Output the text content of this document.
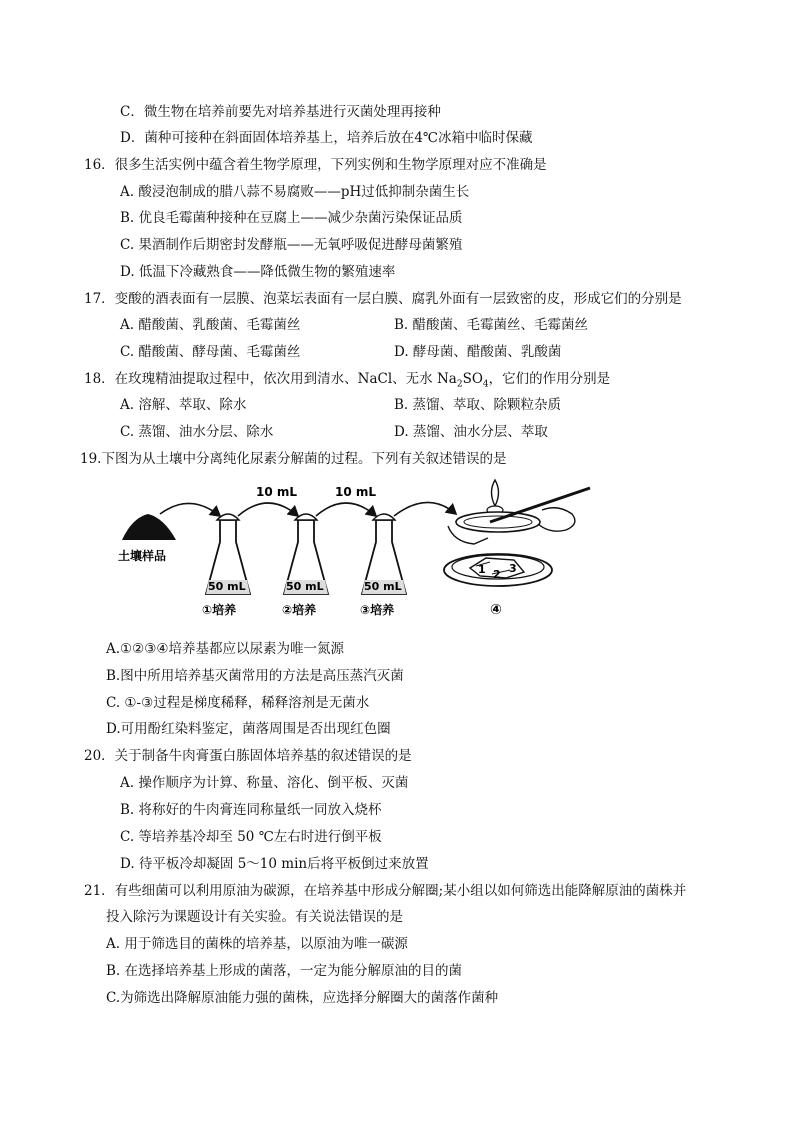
C．微生物在培养前要先对培养基进行灭菌处理再接种
D．菌种可接种在斜面固体培养基上，培养后放在4℃冰箱中临时保藏
16．很多生活实例中蕴含着生物学原理，下列实例和生物学原理对应不准确是
A. 酸浸泡制成的腊八蒜不易腐败——pH过低抑制杂菌生长
B. 优良毛霉菌种接种在豆腐上——减少杂菌污染保证品质
C. 果酒制作后期密封发酵瓶——无氧呼吸促进酵母菌繁殖
D. 低温下冷藏熟食——降低微生物的繁殖速率
17．变酸的酒表面有一层膜、泡菜坛表面有一层白膜、腐乳外面有一层致密的皮，形成它们的分别是
A. 醋酸菌、乳酸菌、毛霉菌丝	B. 醋酸菌、毛霉菌丝、毛霉菌丝
C. 醋酸菌、酵母菌、毛霉菌丝	D. 酵母菌、醋酸菌、乳酸菌
18．在玫瑰精油提取过程中，依次用到清水、NaCl、无水 $Na_2SO_4$，它们的作用分别是
A. 溶解、萃取、除水	B. 蒸馏、萃取、除颗粒杂质
C. 蒸馏、油水分层、除水	D. 蒸馏、油水分层、萃取
19.下图为从土壤中分离纯化尿素分解菌的过程。下列有关叙述错误的是
土壤样品
10 mL	10 mL
50 mL
①培养
50 mL
②培养
50 mL
③培养
1 2 3
④
A.①②③④培养基都应以尿素为唯一氮源
B.图中所用培养基灭菌常用的方法是高压蒸汽灭菌
C. ①-③过程是梯度稀释，稀释溶剂是无菌水
D.可用酚红染料鉴定，菌落周围是否出现红色圈
20．关于制备牛肉膏蛋白胨固体培养基的叙述错误的是
A. 操作顺序为计算、称量、溶化、倒平板、灭菌
B. 将称好的牛肉膏连同称量纸一同放入烧杯
C. 等培养基冷却至 50 ℃左右时进行倒平板
D. 待平板冷却凝固 5～10 min后将平板倒过来放置
21．有些细菌可以利用原油为碳源，在培养基中形成分解圈;某小组以如何筛选出能降解原油的菌株并
投入除污为课题设计有关实验。有关说法错误的是
A. 用于筛选目的菌株的培养基，以原油为唯一碳源
B. 在选择培养基上形成的菌落，一定为能分解原油的目的菌
C.为筛选出降解原油能力强的菌株，应选择分解圈大的菌落作菌种
